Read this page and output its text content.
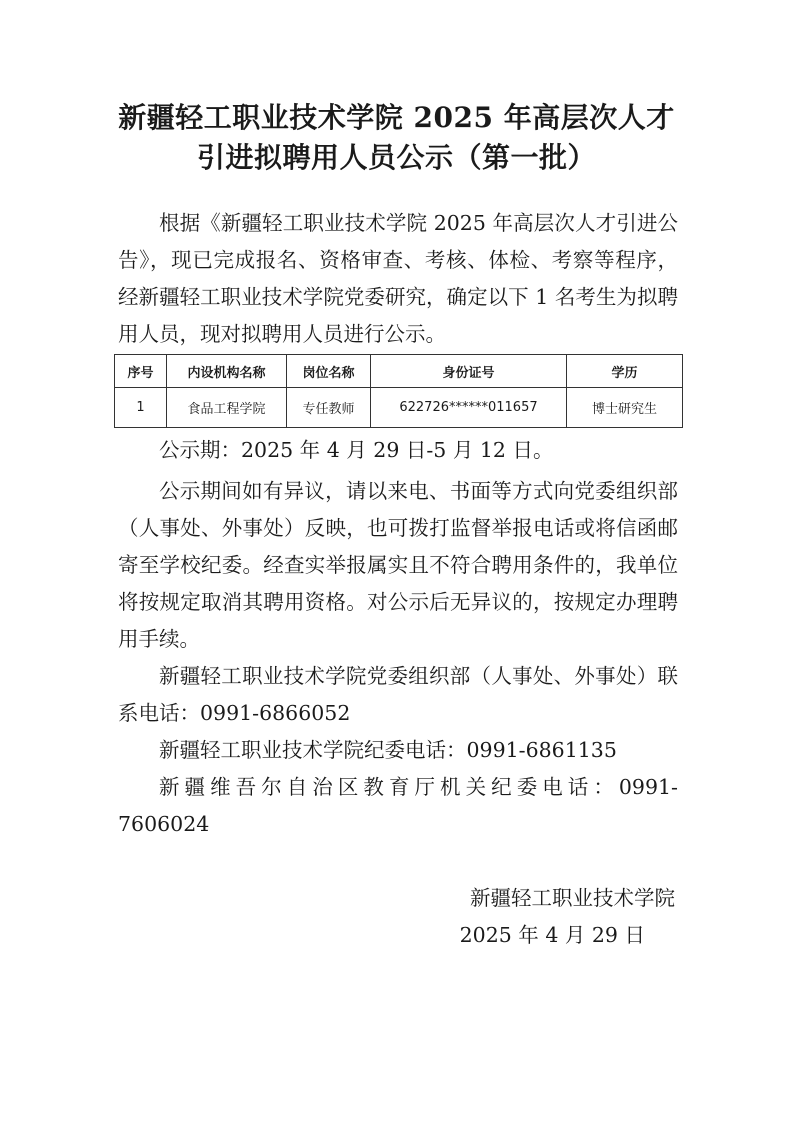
新疆轻工职业技术学院 2025 年高层次人才
引进拟聘用人员公示（第一批）
根据《新疆轻工职业技术学院 2025 年高层次人才引进公告》，现已完成报名、资格审查、考核、体检、考察等程序，经新疆轻工职业技术学院党委研究，确定以下 1 名考生为拟聘用人员，现对拟聘用人员进行公示。
序号	内设机构名称	岗位名称	身份证号	学历
1	食品工程学院	专任教师	622726******011657	博士研究生
公示期：2025 年 4 月 29 日-5 月 12 日。
公示期间如有异议，请以来电、书面等方式向党委组织部（人事处、外事处）反映，也可拨打监督举报电话或将信函邮寄至学校纪委。经查实举报属实且不符合聘用条件的，我单位将按规定取消其聘用资格。对公示后无异议的，按规定办理聘用手续。
新疆轻工职业技术学院党委组织部（人事处、外事处）联系电话：0991-6866052
新疆轻工职业技术学院纪委电话：0991-6861135
新疆维吾尔自治区教育厅机关纪委电话：0991-7606024
新疆轻工职业技术学院
2025 年 4 月 29 日
